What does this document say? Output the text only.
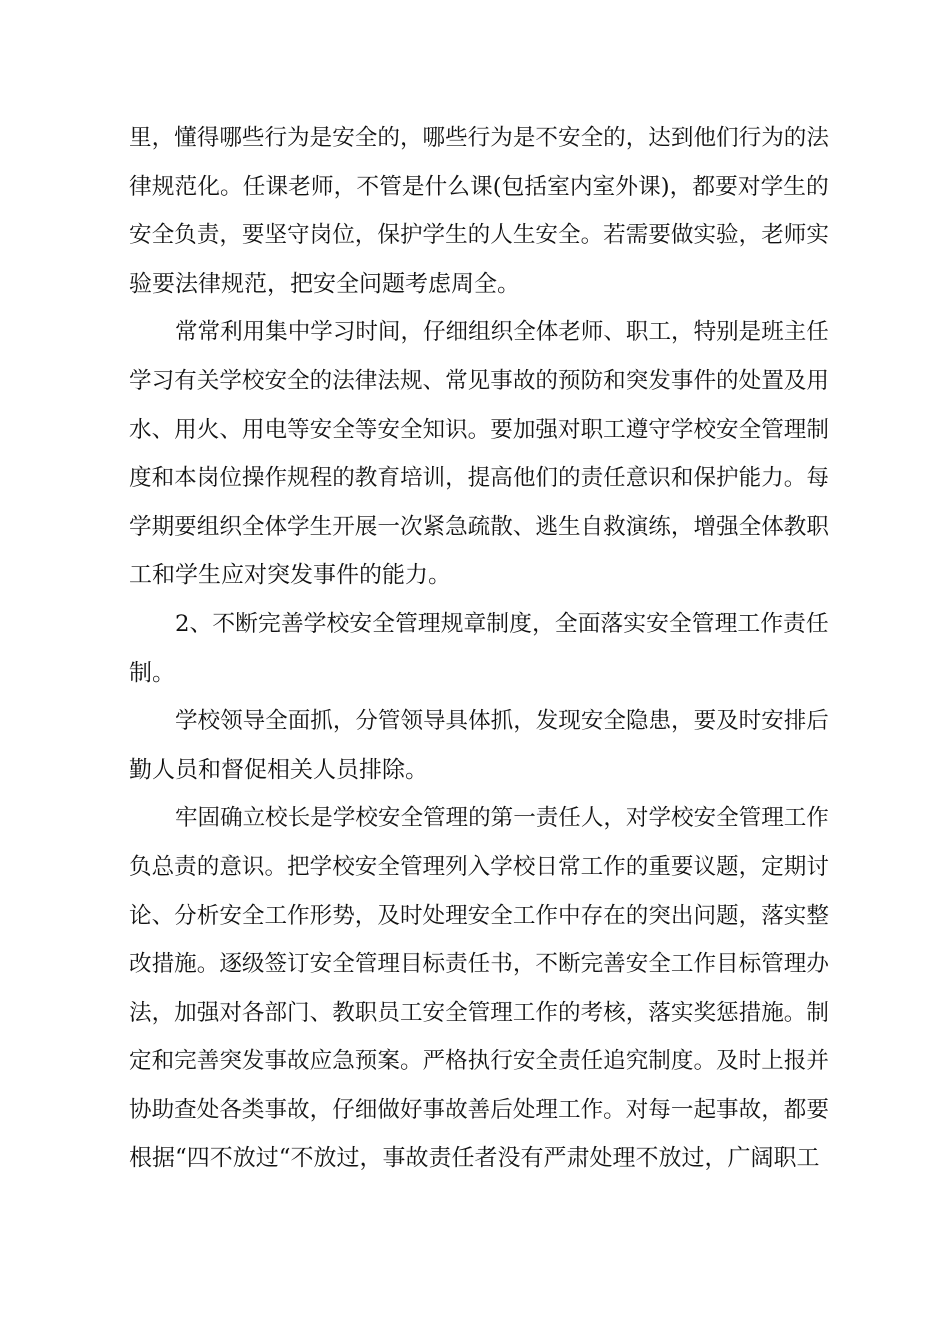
里，懂得哪些行为是安全的，哪些行为是不安全的，达到他们行为的法
律规范化。任课老师，不管是什么课(包括室内室外课)，都要对学生的
安全负责，要坚守岗位，保护学生的人生安全。若需要做实验，老师实
验要法律规范，把安全问题考虑周全。
常常利用集中学习时间，仔细组织全体老师、职工，特别是班主任
学习有关学校安全的法律法规、常见事故的预防和突发事件的处置及用
水、用火、用电等安全等安全知识。要加强对职工遵守学校安全管理制
度和本岗位操作规程的教育培训，提高他们的责任意识和保护能力。每
学期要组织全体学生开展一次紧急疏散、逃生自救演练，增强全体教职
工和学生应对突发事件的能力。
2、不断完善学校安全管理规章制度，全面落实安全管理工作责任
制。
学校领导全面抓，分管领导具体抓，发现安全隐患，要及时安排后
勤人员和督促相关人员排除。
牢固确立校长是学校安全管理的第一责任人，对学校安全管理工作
负总责的意识。把学校安全管理列入学校日常工作的重要议题，定期讨
论、分析安全工作形势，及时处理安全工作中存在的突出问题，落实整
改措施。逐级签订安全管理目标责任书，不断完善安全工作目标管理办
法，加强对各部门、教职员工安全管理工作的考核，落实奖惩措施。制
定和完善突发事故应急预案。严格执行安全责任追究制度。及时上报并
协助查处各类事故，仔细做好事故善后处理工作。对每一起事故，都要
根据“四不放过“不放过，事故责任者没有严肃处理不放过，广阔职工
